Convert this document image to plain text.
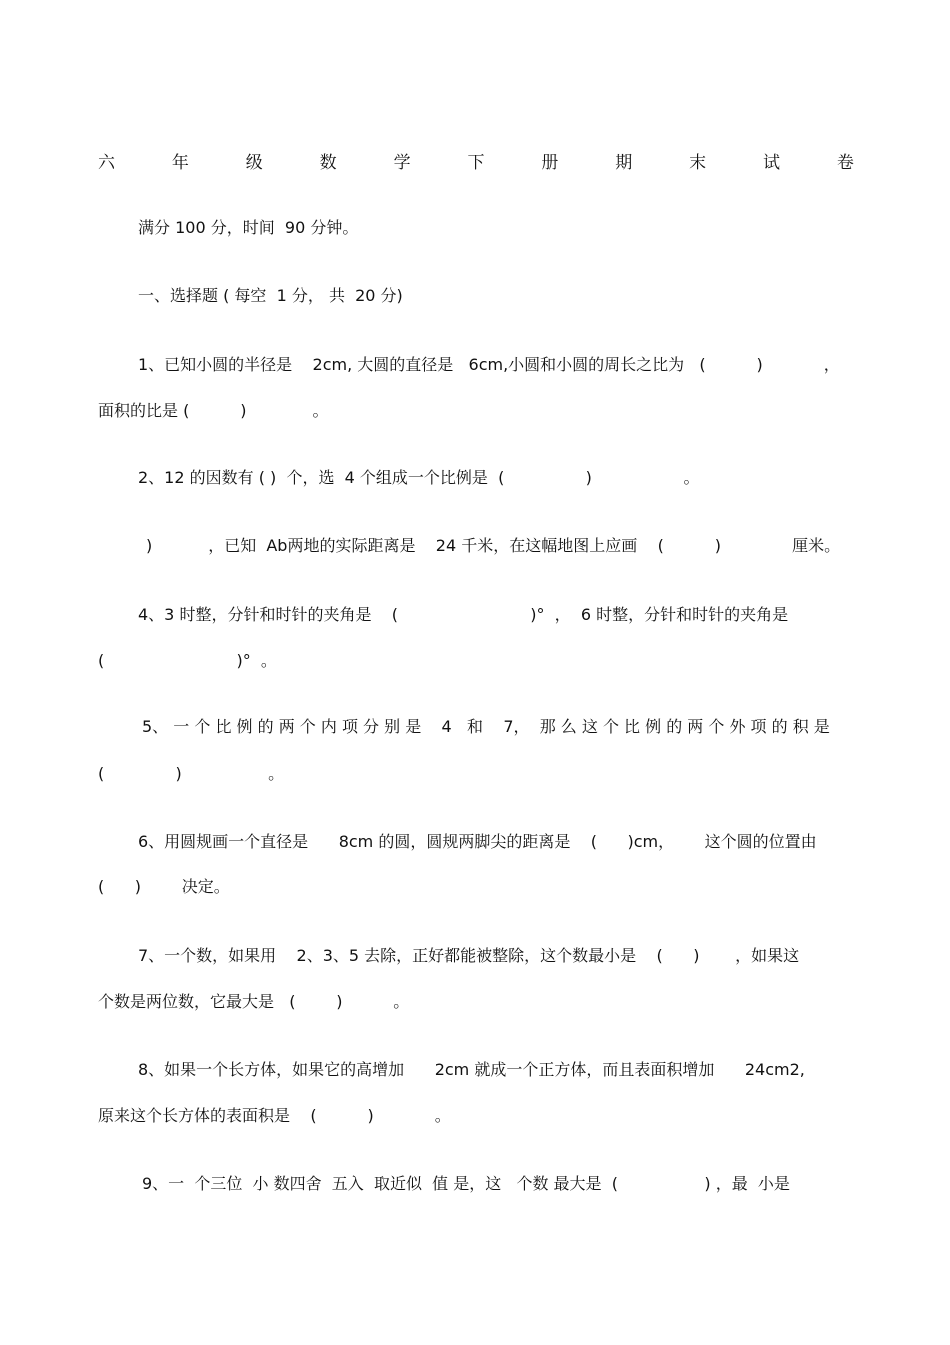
六	年	级	数	学	下	册	期	末	试	卷
满分 100 分，时间  90 分钟。
一、选择题 ( 每空  1 分， 共  20 分)
1、已知小圆的半径是    2cm, 大圆的直径是   6cm,小圆和小圆的周长之比为   (          )            ，
面积的比是 (          )             。
2、12 的因数有 ( )  个，选  4 个组成一个比例是  (                )                  。
)           ，已知  Ab两地的实际距离是    24 千米，在这幅地图上应画    (          )              厘米。
4、3 时整，分针和时针的夹角是    (                          )°  ，  6 时整，分针和时针的夹角是
(                          )°  。
5、 一 个 比 例 的 两 个 内 项 分 别 是    4   和    7，  那 么 这 个 比 例 的 两 个 外 项 的 积 是
(              )                 。
6、用圆规画一个直径是      8cm 的圆，圆规两脚尖的距离是    (      )cm，      这个圆的位置由
(      )        决定。
7、一个数，如果用    2、3、5 去除，正好都能被整除，这个数最小是    (      )       ，如果这
个数是两位数，它最大是   (        )          。
8、如果一个长方体，如果它的高增加      2cm 就成一个正方体，而且表面积增加      24cm2,
原来这个长方体的表面积是    (          )            。
9、一  个三位  小 数四舍  五入  取近似  值 是，这   个数 最大是  (                 ) ，最  小是
